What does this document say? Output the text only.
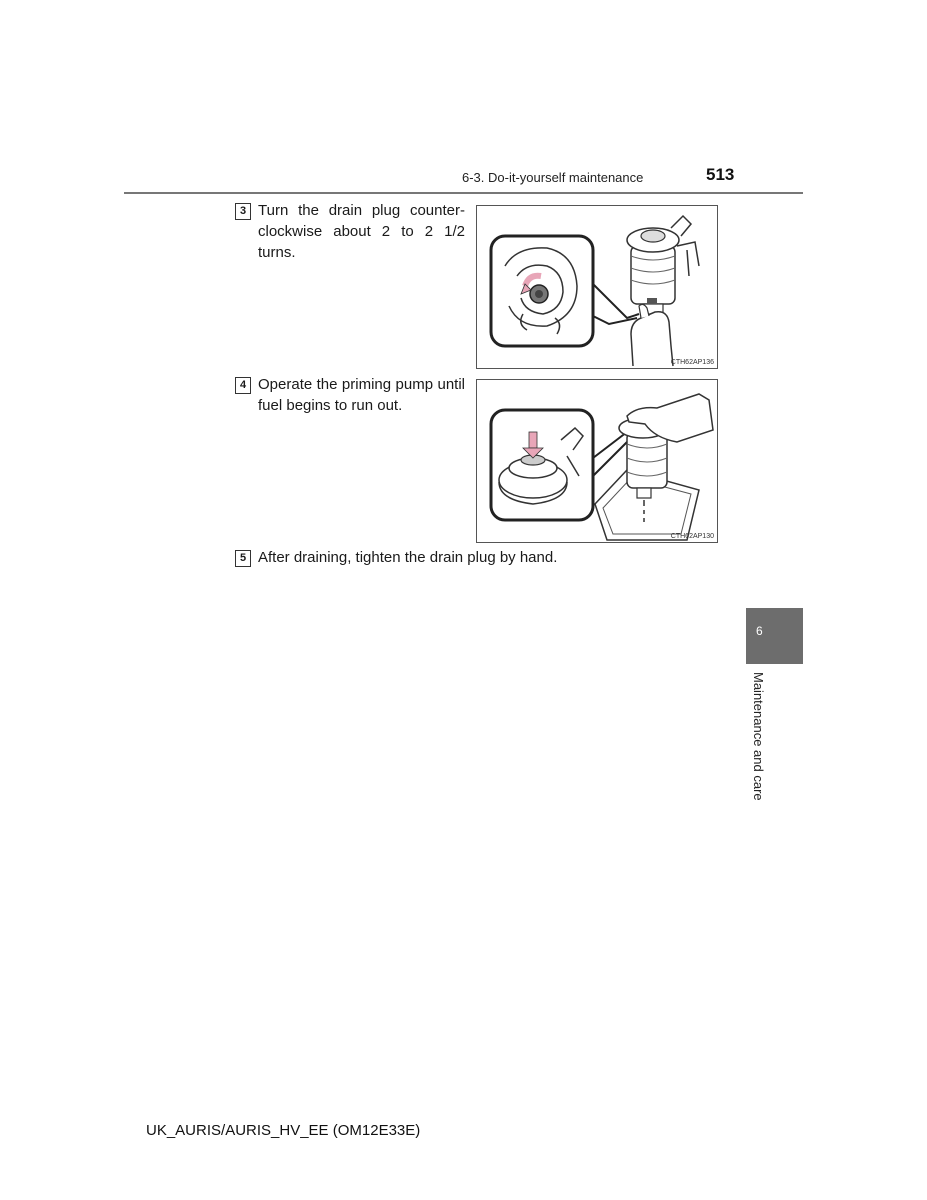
6-3. Do-it-yourself maintenance	513
3 Turn the drain plug counter-clockwise about 2 to 2 1/2 turns.
CTH62AP136
4 Operate the priming pump until fuel begins to run out.
CTH62AP130
5 After draining, tighten the drain plug by hand.
6
Maintenance and care
UK_AURIS/AURIS_HV_EE (OM12E33E)
